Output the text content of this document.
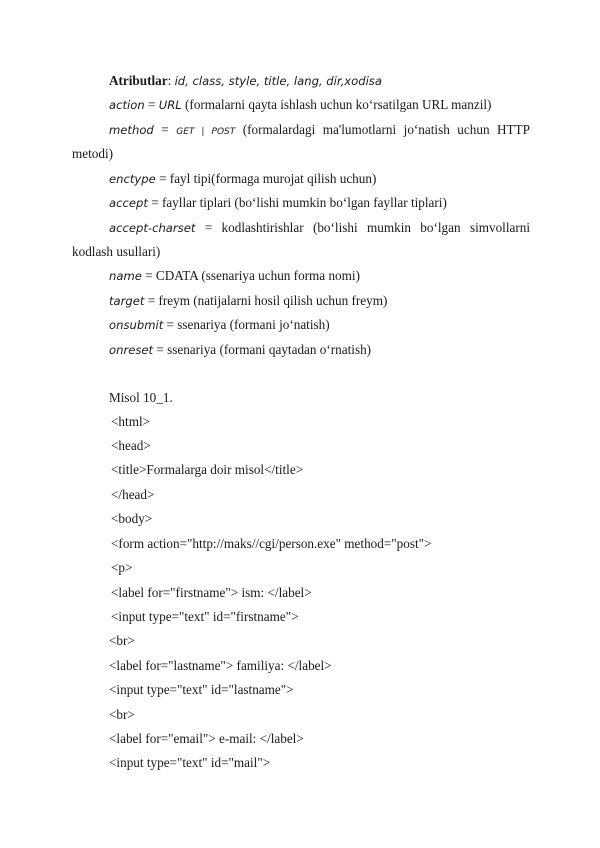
Atributlar: id, class, style, title, lang, dir,xodisa
action = URL (formalarni qayta ishlash uchun ko‘rsatilgan URL manzil)
method = GET | POST (formalardagi ma'lumotlarni jo‘natish uchun HTTP
metodi)
enctype = fayl tipi(formaga murojat qilish uchun)
accept = fayllar tiplari (bo‘lishi mumkin bo‘lgan fayllar tiplari)
accept-charset = kodlashtirishlar (bo‘lishi mumkin bo‘lgan simvollarni
kodlash usullari)
name = CDATA (ssenariya uchun forma nomi)
target = freym (natijalarni hosil qilish uchun freym)
onsubmit = ssenariya (formani jo‘natish)
onreset = ssenariya (formani qaytadan o‘rnatish)
Misol 10_1.
<html>
<head>
<title>Formalarga doir misol</title>
</head>
<body>
<form action="http://maks//cgi/person.exe" method="post">
<p>
<label for="firstname"> ism: </label>
<input type="text" id="firstname">
<br>
<label for="lastname"> familiya: </label>
<input type="text" id="lastname">
<br>
<label for="email"> e-mail: </label>
<input type="text" id="mail">
